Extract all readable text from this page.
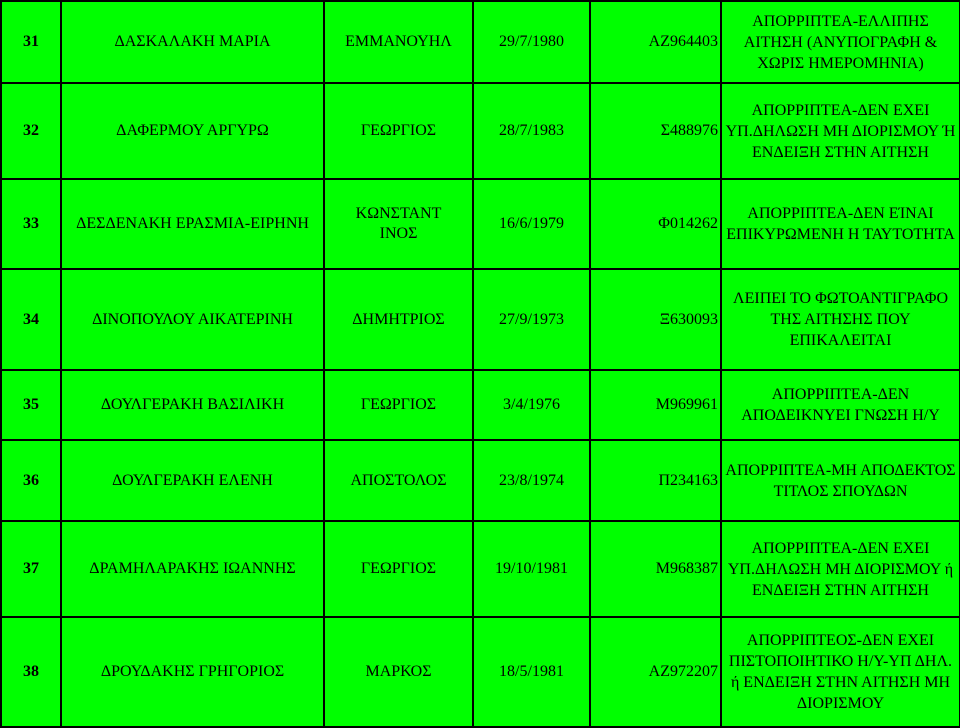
31	ΔΑΣΚΑΛΑΚΗ ΜΑΡΙΑ	ΕΜΜΑΝΟΥΗΛ	29/7/1980	ΑΖ964403	ΑΠΟΡΡΙΠΤΕΑ-ΕΛΛΙΠΗΣ ΑΙΤΗΣΗ (ΑΝΥΠΟΓΡΑΦΗ & ΧΩΡΙΣ ΗΜΕΡΟΜΗΝΙΑ)
32	ΔΑΦΕΡΜΟΥ ΑΡΓΥΡΩ	ΓΕΩΡΓΙΟΣ	28/7/1983	Σ488976	ΑΠΟΡΡΙΠΤΕΑ-ΔΕΝ ΕΧΕΙ ΥΠ.ΔΗΛΩΣΗ ΜΗ ΔΙΟΡΙΣΜΟΥ Ή ΕΝΔΕΙΞΗ ΣΤΗΝ ΑΙΤΗΣΗ
33	ΔΕΣΔΕΝΑΚΗ ΕΡΑΣΜΙΑ-ΕΙΡΗΝΗ	ΚΩΝΣΤΑΝΤΙΝΟΣ	16/6/1979	Φ014262	ΑΠΟΡΡΙΠΤΕΑ-ΔΕΝ ΕΊΝΑΙ ΕΠΙΚΥΡΩΜΕΝΗ Η ΤΑΥΤΟΤΗΤΑ
34	ΔΙΝΟΠΟΥΛΟΥ ΑΙΚΑΤΕΡΙΝΗ	ΔΗΜΗΤΡΙΟΣ	27/9/1973	Ξ630093	ΛΕΙΠΕΙ ΤΟ ΦΩΤΟΑΝΤΙΓΡΑΦΟ ΤΗΣ ΑΙΤΗΣΗΣ ΠΟΥ ΕΠΙΚΑΛΕΙΤΑΙ
35	ΔΟΥΛΓΕΡΑΚΗ ΒΑΣΙΛΙΚΗ	ΓΕΩΡΓΙΟΣ	3/4/1976	Μ969961	ΑΠΟΡΡΙΠΤΕΑ-ΔΕΝ ΑΠΟΔΕΙΚΝΥΕΙ ΓΝΩΣΗ Η/Υ
36	ΔΟΥΛΓΕΡΑΚΗ ΕΛΕΝΗ	ΑΠΟΣΤΟΛΟΣ	23/8/1974	Π234163	ΑΠΟΡΡΙΠΤΕΑ-ΜΗ ΑΠΟΔΕΚΤΟΣ ΤΙΤΛΟΣ ΣΠΟΥΔΩΝ
37	ΔΡΑΜΗΛΑΡΑΚΗΣ ΙΩΑΝΝΗΣ	ΓΕΩΡΓΙΟΣ	19/10/1981	Μ968387	ΑΠΟΡΡΙΠΤΕΑ-ΔΕΝ ΕΧΕΙ ΥΠ.ΔΗΛΩΣΗ ΜΗ ΔΙΟΡΙΣΜΟΥ ή ΕΝΔΕΙΞΗ ΣΤΗΝ ΑΙΤΗΣΗ
38	ΔΡΟΥΔΑΚΗΣ ΓΡΗΓΟΡΙΟΣ	ΜΑΡΚΟΣ	18/5/1981	ΑΖ972207	ΑΠΟΡΡΙΠΤΕΟΣ-ΔΕΝ ΕΧΕΙ ΠΙΣΤΟΠΟΙΗΤΙΚΟ Η/Υ-ΥΠ ΔΗΛ. ή ΕΝΔΕΙΞΗ ΣΤΗΝ ΑΙΤΗΣΗ ΜΗ ΔΙΟΡΙΣΜΟΥ
